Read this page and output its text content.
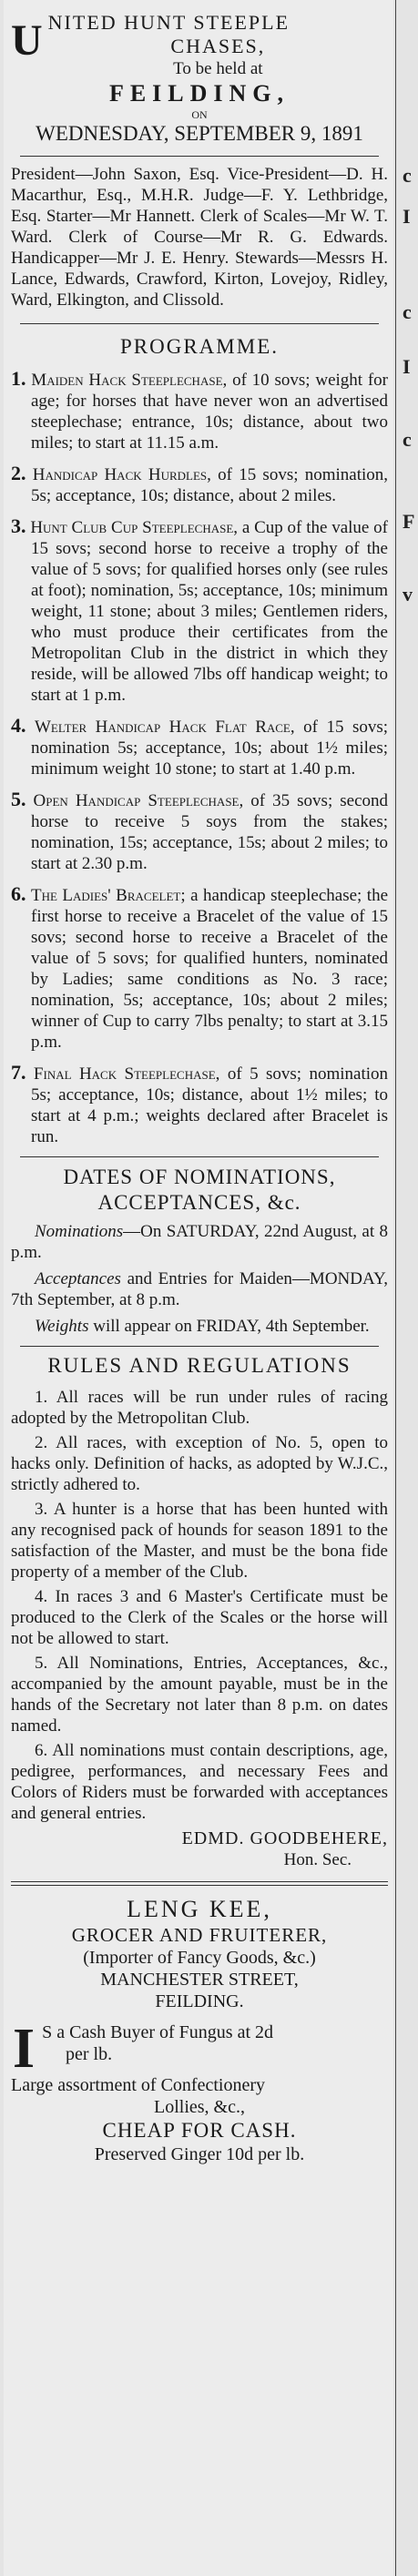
U NITED HUNT STEEPLE
CHASES,
To be held at
FEILDING,
ON
WEDNESDAY, SEPTEMBER 9, 1891
President—John Saxon, Esq. Vice-President—D. H. Macarthur, Esq., M.H.R. Judge—F. Y. Lethbridge, Esq. Starter—Mr Hannett. Clerk of Scales—Mr W. T. Ward. Clerk of Course—Mr R. G. Edwards. Handicapper—Mr J. E. Henry. Stewards—Messrs H. Lance, Edwards, Crawford, Kirton, Lovejoy, Ridley, Ward, Elkington, and Clissold.
PROGRAMME.
1. Maiden Hack Steeplechase, of 10 sovs; weight for age; for horses that have never won an advertised steeplechase; entrance, 10s; distance, about two miles; to start at 11.15 a.m.
2. Handicap Hack Hurdles, of 15 sovs; nomination, 5s; acceptance, 10s; distance, about 2 miles.
3. Hunt Club Cup Steeplechase, a Cup of the value of 15 sovs; second horse to receive a trophy of the value of 5 sovs; for qualified horses only (see rules at foot); nomination, 5s; acceptance, 10s; minimum weight, 11 stone; about 3 miles; Gentlemen riders, who must produce their certificates from the Metropolitan Club in the district in which they reside, will be allowed 7lbs off handicap weight; to start at 1 p.m.
4. Welter Handicap Hack Flat Race, of 15 sovs; nomination 5s; acceptance, 10s; about 1½ miles; minimum weight 10 stone; to start at 1.40 p.m.
5. Open Handicap Steeplechase, of 35 sovs; second horse to receive 5 soys from the stakes; nomination, 15s; acceptance, 15s; about 2 miles; to start at 2.30 p.m.
6. The Ladies' Bracelet; a handicap steeplechase; the first horse to receive a Bracelet of the value of 15 sovs; second horse to receive a Bracelet of the value of 5 sovs; for qualified hunters, nominated by Ladies; same conditions as No. 3 race; nomination, 5s; acceptance, 10s; about 2 miles; winner of Cup to carry 7lbs penalty; to start at 3.15 p.m.
7. Final Hack Steeplechase, of 5 sovs; nomination 5s; acceptance, 10s; distance, about 1½ miles; to start at 4 p.m.; weights declared after Bracelet is run.
DATES OF NOMINATIONS, ACCEPTANCES, &c.
Nominations—On SATURDAY, 22nd August, at 8 p.m.
Acceptances and Entries for Maiden—MONDAY, 7th September, at 8 p.m.
Weights will appear on FRIDAY, 4th September.
RULES AND REGULATIONS
1. All races will be run under rules of racing adopted by the Metropolitan Club.
2. All races, with exception of No. 5, open to hacks only. Definition of hacks, as adopted by W.J.C., strictly adhered to.
3. A hunter is a horse that has been hunted with any recognised pack of hounds for season 1891 to the satisfaction of the Master, and must be the bona fide property of a member of the Club.
4. In races 3 and 6 Master's Certificate must be produced to the Clerk of the Scales or the horse will not be allowed to start.
5. All Nominations, Entries, Acceptances, &c., accompanied by the amount payable, must be in the hands of the Secretary not later than 8 p.m. on dates named.
6. All nominations must contain descriptions, age, pedigree, performances, and necessary Fees and Colors of Riders must be forwarded with acceptances and general entries.
EDMD. GOODBEHERE,
Hon. Sec.
LENG KEE,
GROCER AND FRUITERER,
(Importer of Fancy Goods, &c.)
MANCHESTER STREET,
FEILDING.
I S a Cash Buyer of Fungus at 2d
per lb.
Large assortment of Confectionery
Lollies, &c.,
CHEAP FOR CASH.
Preserved Ginger 10d per lb.
c
I
c
I
c
F
v
